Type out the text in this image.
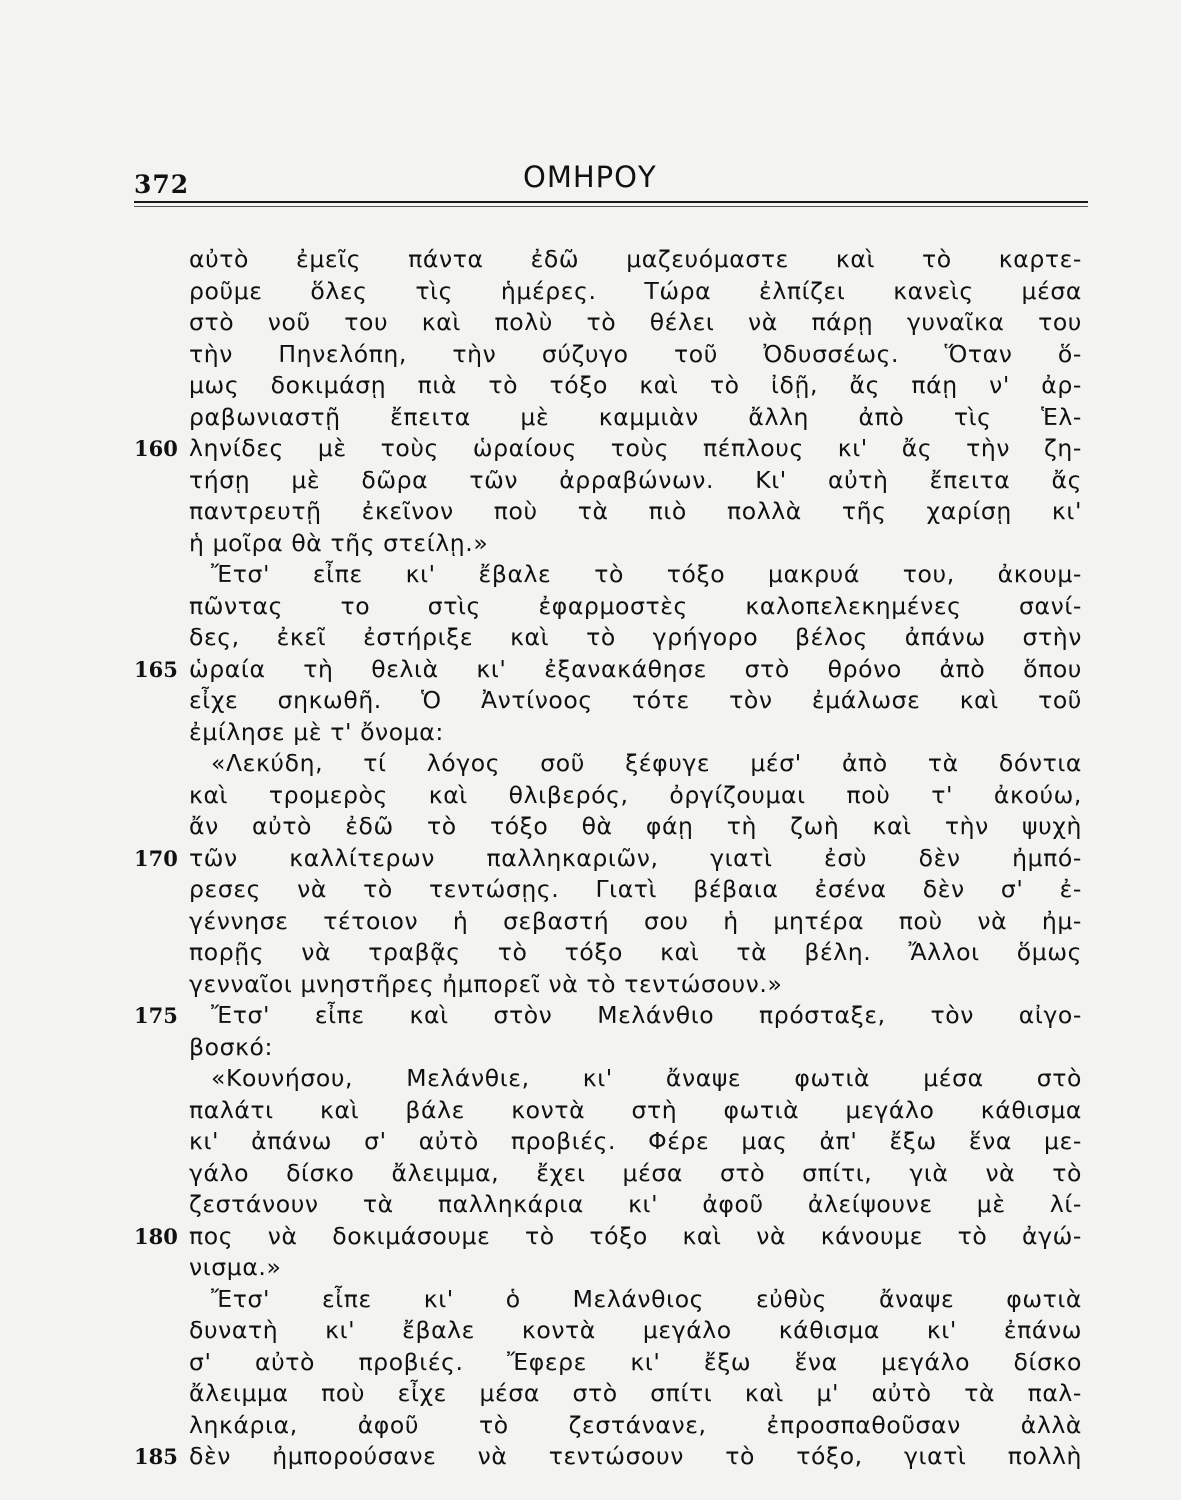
372	ΟΜΗΡΟΥ
αὐτὸ ἐμεῖς πάντα ἐδῶ μαζευόμαστε καὶ τὸ καρτε-
ροῦμε ὅλες τὶς ἡμέρες. Τώρα ἐλπίζει κανεὶς μέσα
στὸ νοῦ του καὶ πολὺ τὸ θέλει νὰ πάρῃ γυναῖκα του
τὴν Πηνελόπη, τὴν σύζυγο τοῦ Ὀδυσσέως. Ὅταν ὅ-
μως δοκιμάσῃ πιὰ τὸ τόξο καὶ τὸ ἰδῇ, ἄς πάῃ ν' ἀρ-
ραβωνιαστῇ ἔπειτα μὲ καμμιὰν ἄλλη ἀπὸ τὶς Ἑλ-
160 ληνίδες μὲ τοὺς ὡραίους τοὺς πέπλους κι' ἄς τὴν ζη-
τήσῃ μὲ δῶρα τῶν ἀρραβώνων. Κι' αὐτὴ ἔπειτα ἄς
παντρευτῇ ἐκεῖνον ποὺ τὰ πιὸ πολλὰ τῆς χαρίσῃ κι'
ἡ μοῖρα θὰ τῆς στείλῃ.»
Ἔτσ' εἶπε κι' ἔβαλε τὸ τόξο μακρυά του, ἀκουμ-
πῶντας το στὶς ἐφαρμοστὲς καλοπελεκημένες σανί-
δες, ἐκεῖ ἐστήριξε καὶ τὸ γρήγορο βέλος ἀπάνω στὴν
165 ὡραία τὴ θελιὰ κι' ἐξανακάθησε στὸ θρόνο ἀπὸ ὅπου
εἶχε σηκωθῆ. Ὁ Ἀντίνοος τότε τὸν ἐμάλωσε καὶ τοῦ
ἐμίλησε μὲ τ' ὄνομα:
«Λεκύδη, τί λόγος σοῦ ξέφυγε μέσ' ἀπὸ τὰ δόντια
καὶ τρομερὸς καὶ θλιβερός, ὀργίζουμαι ποὺ τ' ἀκούω,
ἄν αὐτὸ ἐδῶ τὸ τόξο θὰ φάῃ τὴ ζωὴ καὶ τὴν ψυχὴ
170 τῶν καλλίτερων παλληκαριῶν, γιατὶ ἐσὺ δὲν ἠμπό-
ρεσες νὰ τὸ τεντώσῃς. Γιατὶ βέβαια ἐσένα δὲν σ' ἐ-
γέννησε τέτοιον ἡ σεβαστή σου ἡ μητέρα ποὺ νὰ ἠμ-
πορῇς νὰ τραβᾷς τὸ τόξο καὶ τὰ βέλη. Ἄλλοι ὅμως
γενναῖοι μνηστῆρες ἠμπορεῖ νὰ τὸ τεντώσουν.»
175 Ἔτσ' εἶπε καὶ στὸν Μελάνθιο πρόσταξε, τὸν αἰγο-
βοσκό:
«Κουνήσου, Μελάνθιε, κι' ἄναψε φωτιὰ μέσα στὸ
παλάτι καὶ βάλε κοντὰ στὴ φωτιὰ μεγάλο κάθισμα
κι' ἀπάνω σ' αὐτὸ προβιές. Φέρε μας ἀπ' ἔξω ἕνα με-
γάλο δίσκο ἄλειμμα, ἔχει μέσα στὸ σπίτι, γιὰ νὰ τὸ
ζεστάνουν τὰ παλληκάρια κι' ἀφοῦ ἀλείψουνε μὲ λί-
180 πος νὰ δοκιμάσουμε τὸ τόξο καὶ νὰ κάνουμε τὸ ἀγώ-
νισμα.»
Ἔτσ' εἶπε κι' ὁ Μελάνθιος εὐθὺς ἄναψε φωτιὰ
δυνατὴ κι' ἔβαλε κοντὰ μεγάλο κάθισμα κι' ἐπάνω
σ' αὐτὸ προβιές. Ἔφερε κι' ἔξω ἕνα μεγάλο δίσκο
ἄλειμμα ποὺ εἶχε μέσα στὸ σπίτι καὶ μ' αὐτὸ τὰ παλ-
ληκάρια, ἀφοῦ τὸ ζεστάνανε, ἐπροσπαθοῦσαν ἀλλὰ
185 δὲν ἠμπορούσανε νὰ τεντώσουν τὸ τόξο, γιατὶ πολλὴ
